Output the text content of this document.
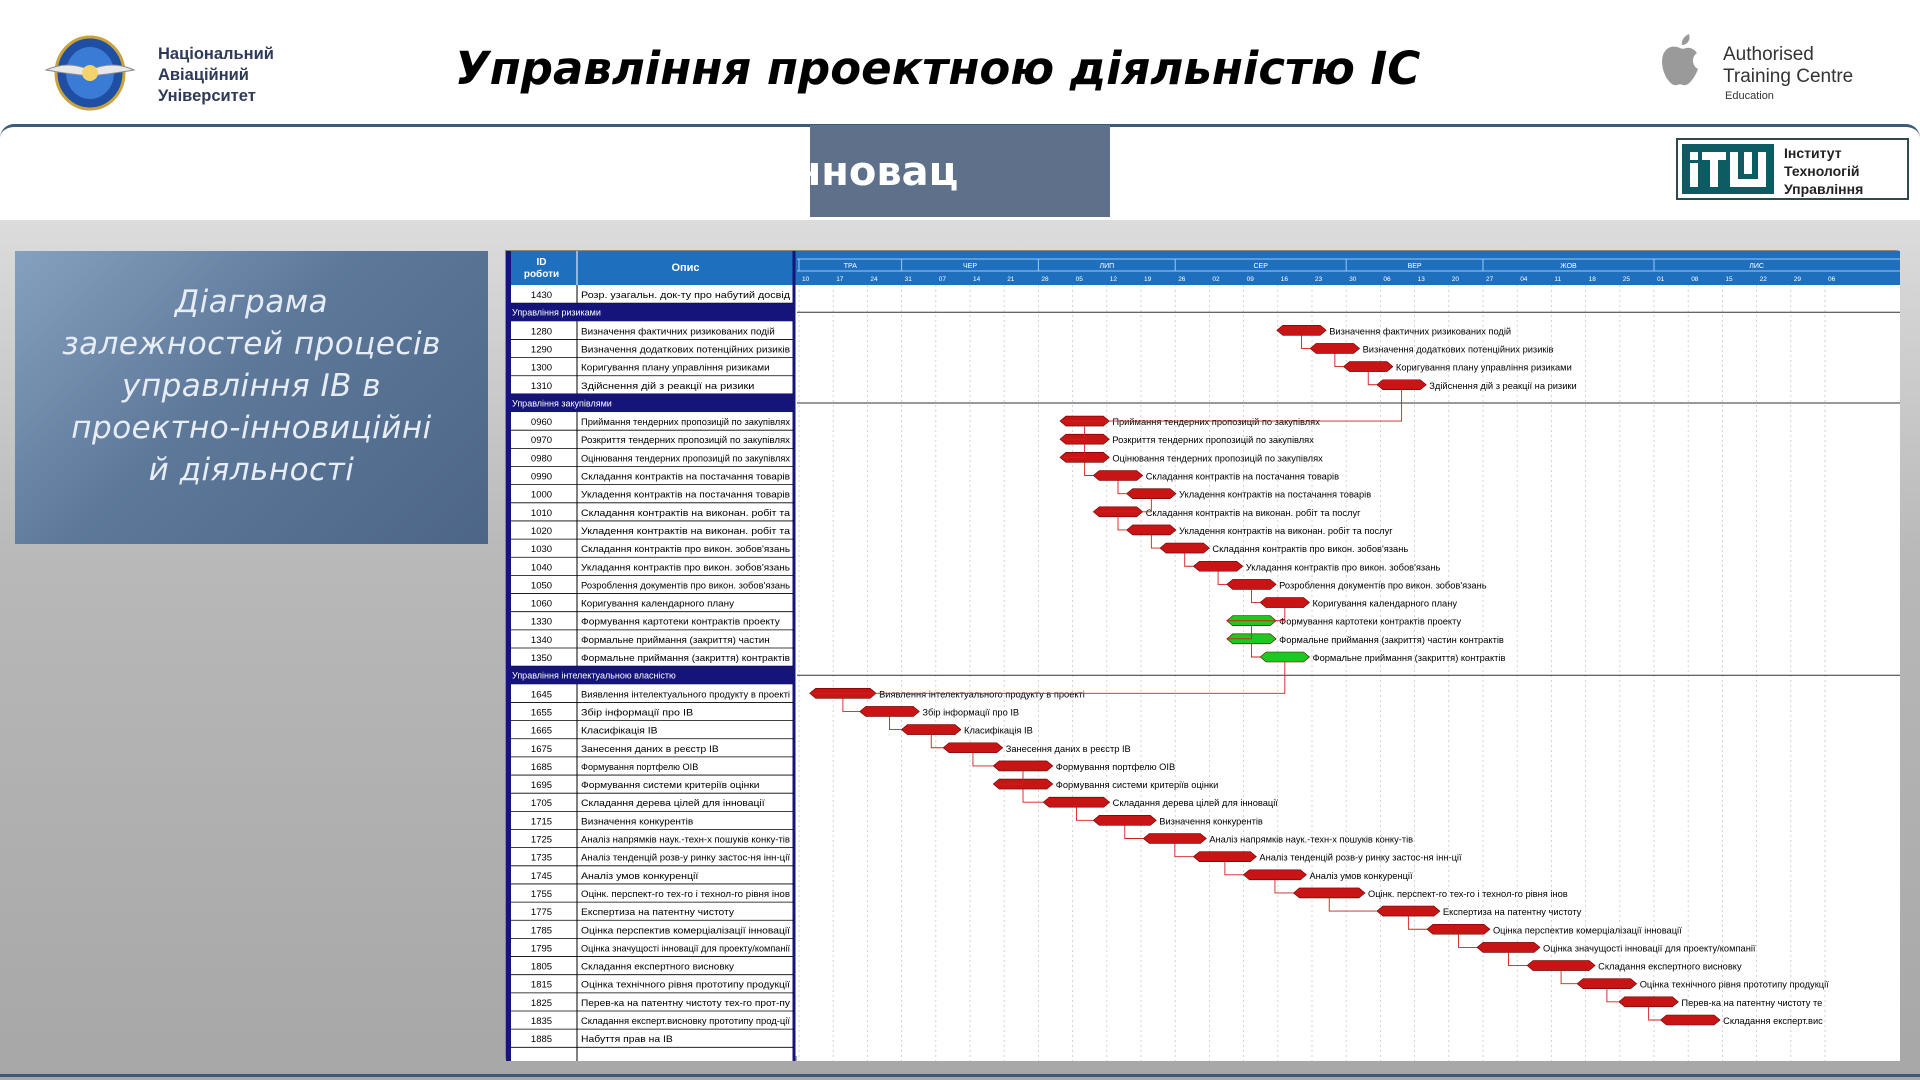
Національний
Авіаційний
Університет
Управління проектною діяльністю ІС	Authorised
Training Centre
Education
ння інновац	Інститут
Технологій
Управління
Діаграма
залежностей процесів
управління ІВ в
проектно-інновиційні
й діяльності
ID
роботи
Опис	ТРА	ЧЕР	ЛИП	СЕР	ВЕР	ЖОВ	ЛИС
10	17	24	31	07	14	21	28	05	12	19	26	02	09	16	23	30	06	13	20	27	04	11	18	25	01	08	15	22	29	06
1430	Розр. узагальн. док-ту про набутий досвід
Управління ризиками
1280	Визначення фактичних ризикованих подій	Визначення фактичних ризикованих подій
1290	Визначення додаткових потенційних ризиків	Визначення додаткових потенційних ризиків
1300	Коригування плану управління ризиками	Коригування плану управління ризиками
1310	Здійснення дій з реакції на ризики	Здійснення дій з реакції на ризики
Управління закупівлями
0960	Приймання тендерних пропозицій по закупівлях	Приймання тендерних пропозицій по закупівлях
0970	Розкриття тендерних пропозицій по закупівлях	Розкриття тендерних пропозицій по закупівлях
0980	Оцінювання тендерних пропозицій по закупівлях	Оцінювання тендерних пропозицій по закупівлях
0990	Складання контрактів на постачання товарів	Складання контрактів на постачання товарів
1000	Укладення контрактів на постачання товарів	Укладення контрактів на постачання товарів
1010	Складання контрактів на виконан. робіт та	Складання контрактів на виконан. робіт та послуг
1020	Укладення контрактів на виконан. робіт та	Укладення контрактів на виконан. робіт та послуг
1030	Складання контрактів про викон. зобов'язань	Складання контрактів про викон. зобов'язань
1040	Укладання контрактів про викон. зобов'язань	Укладання контрактів про викон. зобов'язань
1050	Розроблення документів про викон. зобов'язань	Розроблення документів про викон. зобов'язань
1060	Коригування календарного плану	Коригування календарного плану
1330	Формування картотеки контрактів проекту	Формування картотеки контрактів проекту
1340	Формальне приймання (закриття) частин	Формальне приймання (закриття) частин контрактів
1350	Формальне приймання (закриття) контрактів	Формальне приймання (закриття) контрактів
Управління інтелектуальною власністю
1645	Виявлення інтелектуального продукту в проекті	Виявлення інтелектуального продукту в проекті
1655	Збір інформації про ІВ	Збір інформації про ІВ
1665	Класифікація ІВ	Класифікація ІВ
1675	Занесення даних в реєстр ІВ	Занесення даних в реєстр ІВ
1685	Формування портфелю ОІВ	Формування портфелю ОІВ
1695	Формування системи критеріїв оцінки	Формування системи критеріїв оцінки
1705	Складання дерева цілей для інновації	Складання дерева цілей для інновації
1715	Визначення конкурентів	Визначення конкурентів
1725	Аналіз напрямків наук.-техн-х пошуків конку-тів	Аналіз напрямків наук.-техн-х пошуків конку-тів
1735	Аналіз тенденцій розв-у ринку застос-ня інн-ції	Аналіз тенденцій розв-у ринку застос-ня інн-ції
1745	Аналіз умов конкуренції	Аналіз умов конкуренції
1755	Оцінк. перспект-го тех-го і технол-го рівня інов	Оцінк. перспект-го тех-го і технол-го рівня інов
1775	Експертиза на патентну чистоту	Експертиза на патентну чистоту
1785	Оцінка перспектив комерціалізації інновації	Оцінка перспектив комерціалізації інновації
1795	Оцінка значущості інновації для проекту/компанії	Оцінка значущості інновації для проекту/компанії
1805	Складання експертного висновку	Складання експертного висновку
1815	Оцінка технічного рівня прототипу продукції	Оцінка технічного рівня прототипу продукції
1825	Перев-ка на патентну чистоту тех-го прот-пу	Перев-ка на патентну чистоту те
1835	Складання експерт.висновку прототипу прод-ції	Складання експерт.вис
1885	Набуття прав на ІВ
